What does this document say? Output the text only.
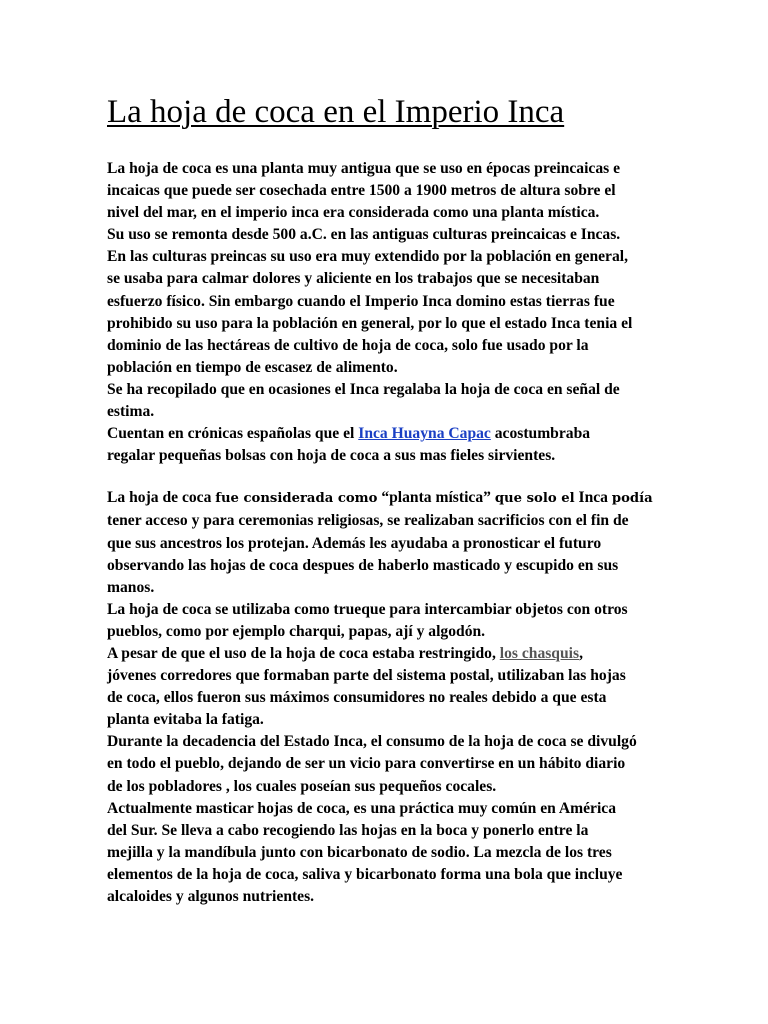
La hoja de coca en el Imperio Inca
La hoja de coca es una planta muy antigua que se uso en épocas preincaicas e
incaicas que puede ser cosechada entre 1500 a 1900 metros de altura sobre el
nivel del mar, en el imperio inca era considerada como una planta mística.
Su uso se remonta desde 500 a.C. en las antiguas culturas preincaicas e Incas.
En las culturas preincas su uso era muy extendido por la población en general,
se usaba para calmar dolores y aliciente en los trabajos que se necesitaban
esfuerzo físico. Sin embargo cuando el Imperio Inca domino estas tierras fue
prohibido su uso para la población en general, por lo que el estado Inca tenia el
dominio de las hectáreas de cultivo de hoja de coca, solo fue usado por la
población en tiempo de escasez de alimento.
Se ha recopilado que en ocasiones el Inca regalaba la hoja de coca en señal de
estima.
Cuentan en crónicas españolas que el Inca Huayna Capac acostumbraba
regalar pequeñas bolsas con hoja de coca a sus mas fieles sirvientes.
La hoja de coca fue considerada como “planta mística” que solo el Inca podía
tener acceso y para ceremonias religiosas, se realizaban sacrificios con el fin de
que sus ancestros los protejan. Además les ayudaba a pronosticar el futuro
observando las hojas de coca despues de haberlo masticado y escupido en sus
manos.
La hoja de coca se utilizaba como trueque para intercambiar objetos con otros
pueblos, como por ejemplo charqui, papas, ají y algodón.
A pesar de que el uso de la hoja de coca estaba restringido, los chasquis,
jóvenes corredores que formaban parte del sistema postal, utilizaban las hojas
de coca, ellos fueron sus máximos consumidores no reales debido a que esta
planta evitaba la fatiga.
Durante la decadencia del Estado Inca, el consumo de la hoja de coca se divulgó
en todo el pueblo, dejando de ser un vicio para convertirse en un hábito diario
de los pobladores , los cuales poseían sus pequeños cocales.
Actualmente masticar hojas de coca, es una práctica muy común en América
del Sur. Se lleva a cabo recogiendo las hojas en la boca y ponerlo entre la
mejilla y la mandíbula junto con bicarbonato de sodio. La mezcla de los tres
elementos de la hoja de coca, saliva y bicarbonato forma una bola que incluye
alcaloides y algunos nutrientes.
